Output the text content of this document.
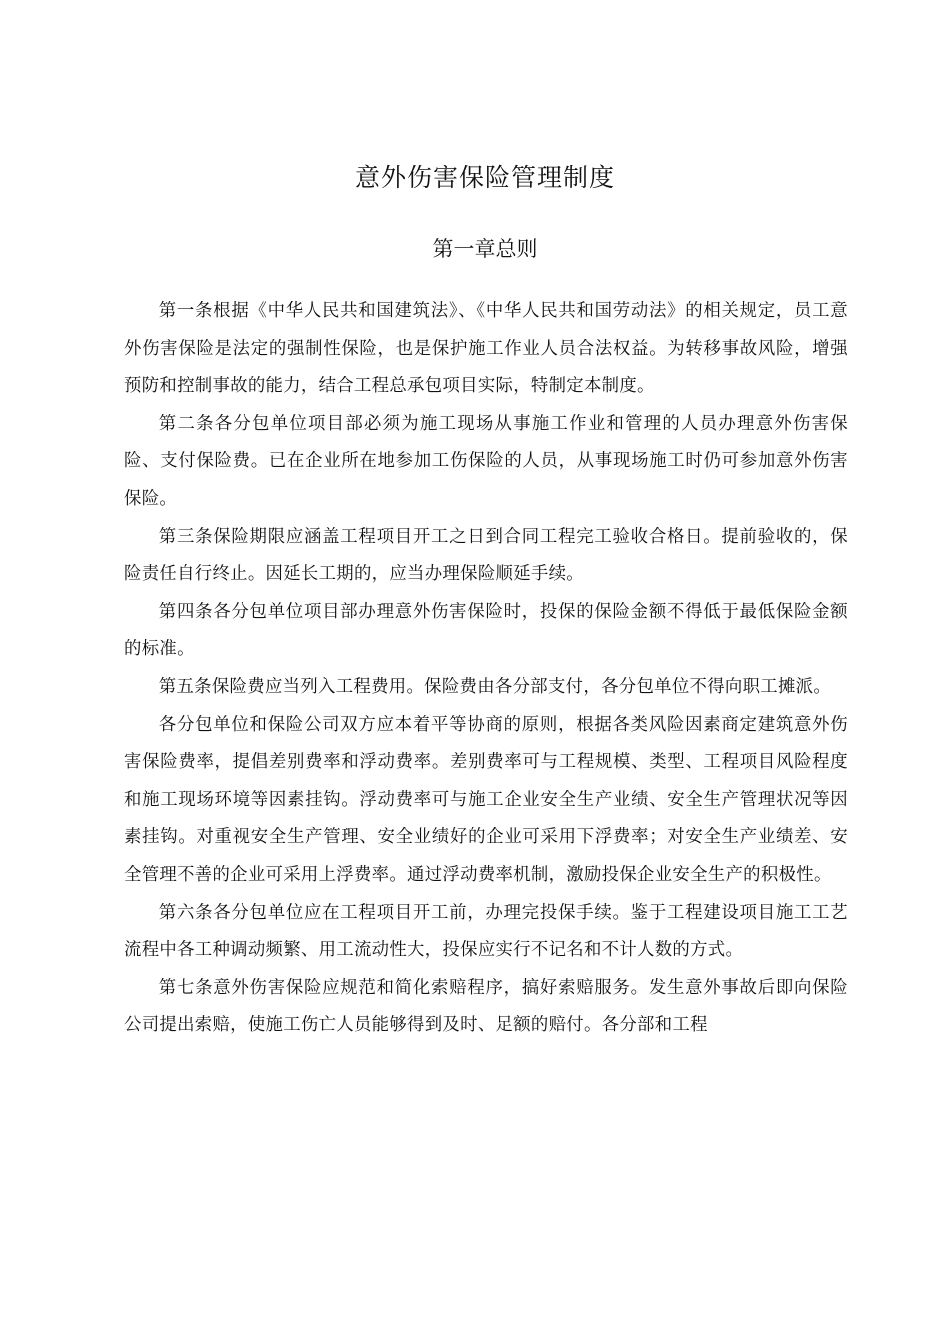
意外伤害保险管理制度
第一章总则

第一条根据《中华人民共和国建筑法》、《中华人民共和国劳动法》的相关规定，员工意外伤害保险是法定的强制性保险，也是保护施工作业人员合法权益。为转移事故风险，增强预防和控制事故的能力，结合工程总承包项目实际，特制定本制度。

第二条各分包单位项目部必须为施工现场从事施工作业和管理的人员办理意外伤害保险、支付保险费。已在企业所在地参加工伤保险的人员，从事现场施工时仍可参加意外伤害保险。

第三条保险期限应涵盖工程项目开工之日到合同工程完工验收合格日。提前验收的，保险责任自行终止。因延长工期的，应当办理保险顺延手续。

第四条各分包单位项目部办理意外伤害保险时，投保的保险金额不得低于最低保险金额的标准。

第五条保险费应当列入工程费用。保险费由各分部支付，各分包单位不得向职工摊派。

各分包单位和保险公司双方应本着平等协商的原则，根据各类风险因素商定建筑意外伤害保险费率，提倡差别费率和浮动费率。差别费率可与工程规模、类型、工程项目风险程度和施工现场环境等因素挂钩。浮动费率可与施工企业安全生产业绩、安全生产管理状况等因素挂钩。对重视安全生产管理、安全业绩好的企业可采用下浮费率；对安全生产业绩差、安全管理不善的企业可采用上浮费率。通过浮动费率机制，激励投保企业安全生产的积极性。

第六条各分包单位应在工程项目开工前，办理完投保手续。鉴于工程建设项目施工工艺流程中各工种调动频繁、用工流动性大，投保应实行不记名和不计人数的方式。

第七条意外伤害保险应规范和简化索赔程序，搞好索赔服务。发生意外事故后即向保险公司提出索赔，使施工伤亡人员能够得到及时、足额的赔付。各分部和工程
